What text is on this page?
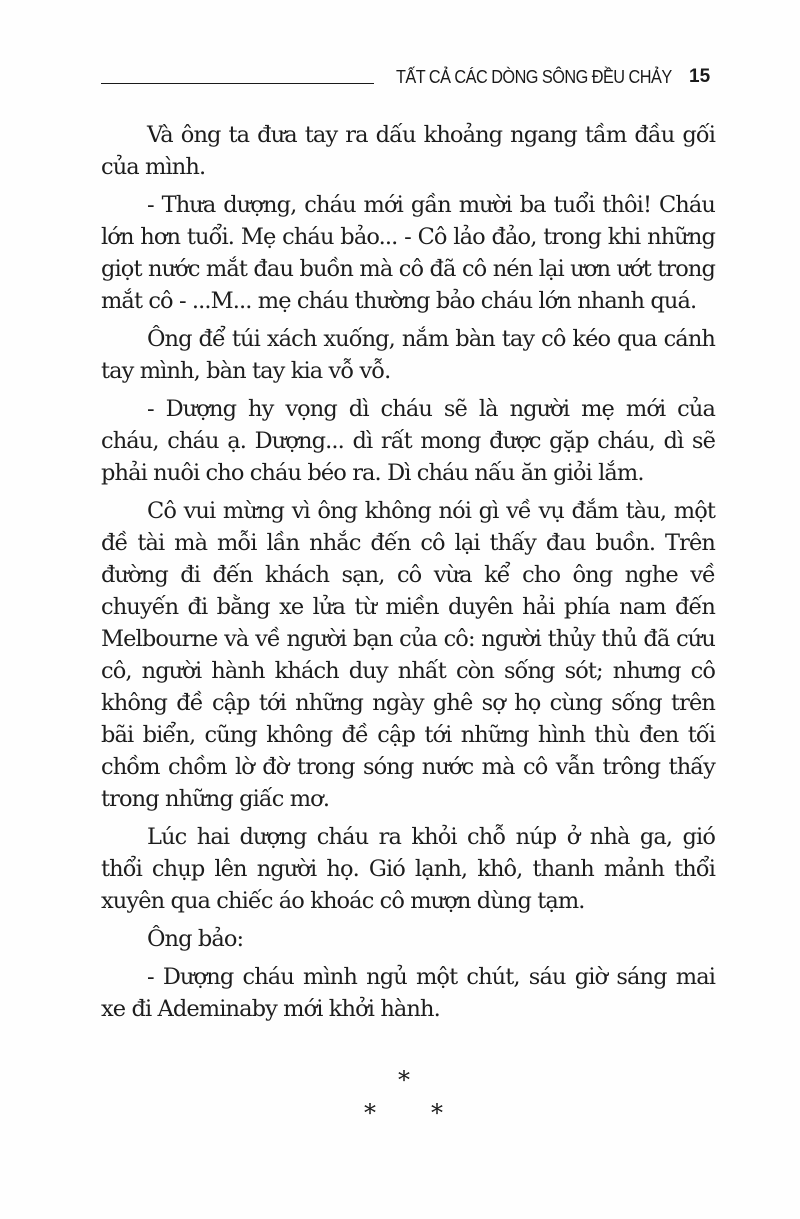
TẤT CẢ CÁC DÒNG SÔNG ĐỀU CHẢY 15

Và ông ta đưa tay ra dấu khoảng ngang tầm đầu gối của mình.

- Thưa dượng, cháu mới gần mười ba tuổi thôi! Cháu lớn hơn tuổi. Mẹ cháu bảo... - Cô lảo đảo, trong khi những giọt nước mắt đau buồn mà cô đã cô nén lại ươn ướt trong mắt cô - ...M... mẹ cháu thường bảo cháu lớn nhanh quá.

Ông để túi xách xuống, nắm bàn tay cô kéo qua cánh tay mình, bàn tay kia vỗ vỗ.

- Dượng hy vọng dì cháu sẽ là người mẹ mới của cháu, cháu ạ. Dượng... dì rất mong được gặp cháu, dì sẽ phải nuôi cho cháu béo ra. Dì cháu nấu ăn giỏi lắm.

Cô vui mừng vì ông không nói gì về vụ đắm tàu, một đề tài mà mỗi lần nhắc đến cô lại thấy đau buồn. Trên đường đi đến khách sạn, cô vừa kể cho ông nghe về chuyến đi bằng xe lửa từ miền duyên hải phía nam đến Melbourne và về người bạn của cô: người thủy thủ đã cứu cô, người hành khách duy nhất còn sống sót; nhưng cô không đề cập tới những ngày ghê sợ họ cùng sống trên bãi biển, cũng không đề cập tới những hình thù đen tối chồm chồm lờ đờ trong sóng nước mà cô vẫn trông thấy trong những giấc mơ.

Lúc hai dượng cháu ra khỏi chỗ núp ở nhà ga, gió thổi chụp lên người họ. Gió lạnh, khô, thanh mảnh thổi xuyên qua chiếc áo khoác cô mượn dùng tạm.

Ông bảo:

- Dượng cháu mình ngủ một chút, sáu giờ sáng mai xe đi Ademinaby mới khởi hành.

*
* *
